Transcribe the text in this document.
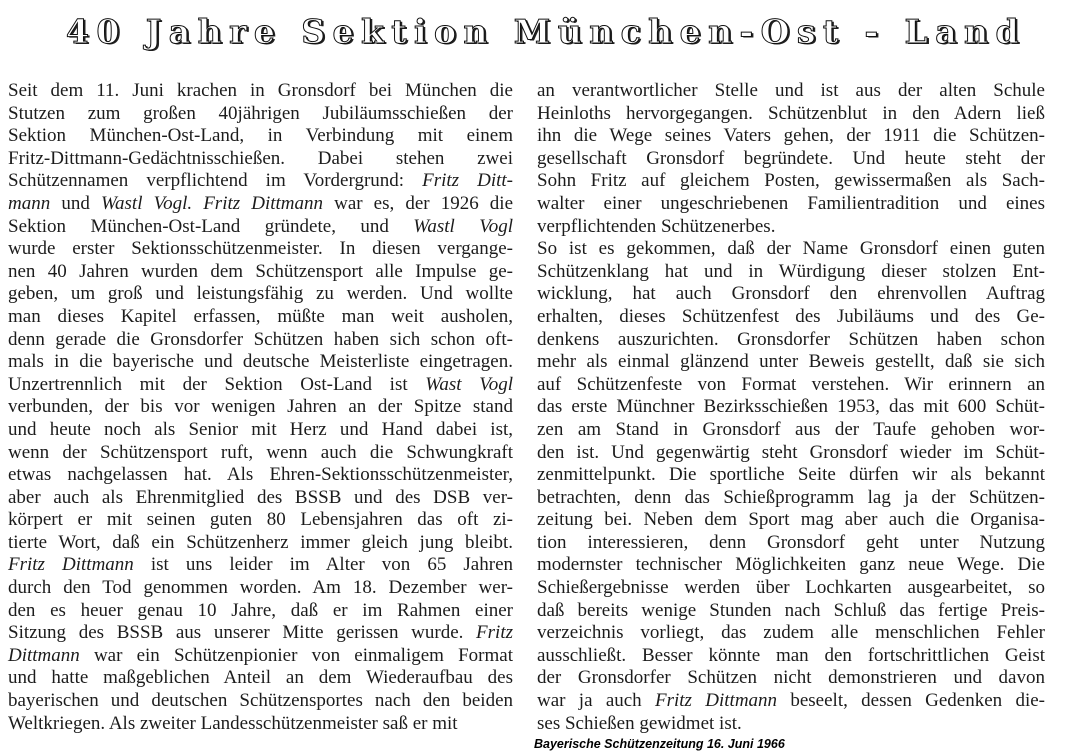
40 Jahre Sektion München-Ost - Land
Seit dem 11. Juni krachen in Gronsdorf bei München die
Stutzen zum großen 40jährigen Jubiläumsschießen der
Sektion München-Ost-Land, in Verbindung mit einem
Fritz-Dittmann-Gedächtnisschießen. Dabei stehen zwei
Schützennamen verpflichtend im Vordergrund: Fritz Ditt-
mann und Wastl Vogl. Fritz Dittmann war es, der 1926 die
Sektion München-Ost-Land gründete, und Wastl Vogl
wurde erster Sektionsschützenmeister. In diesen vergange-
nen 40 Jahren wurden dem Schützensport alle Impulse ge-
geben, um groß und leistungsfähig zu werden. Und wollte
man dieses Kapitel erfassen, müßte man weit ausholen,
denn gerade die Gronsdorfer Schützen haben sich schon oft-
mals in die bayerische und deutsche Meisterliste eingetragen.
Unzertrennlich mit der Sektion Ost-Land ist Wast Vogl
verbunden, der bis vor wenigen Jahren an der Spitze stand
und heute noch als Senior mit Herz und Hand dabei ist,
wenn der Schützensport ruft, wenn auch die Schwungkraft
etwas nachgelassen hat. Als Ehren-Sektionsschützenmeister,
aber auch als Ehrenmitglied des BSSB und des DSB ver-
körpert er mit seinen guten 80 Lebensjahren das oft zi-
tierte Wort, daß ein Schützenherz immer gleich jung bleibt.
Fritz Dittmann ist uns leider im Alter von 65 Jahren
durch den Tod genommen worden. Am 18. Dezember wer-
den es heuer genau 10 Jahre, daß er im Rahmen einer
Sitzung des BSSB aus unserer Mitte gerissen wurde. Fritz
Dittmann war ein Schützenpionier von einmaligem Format
und hatte maßgeblichen Anteil an dem Wiederaufbau des
bayerischen und deutschen Schützensportes nach den beiden
Weltkriegen. Als zweiter Landesschützenmeister saß er mit
an verantwortlicher Stelle und ist aus der alten Schule
Heinloths hervorgegangen. Schützenblut in den Adern ließ
ihn die Wege seines Vaters gehen, der 1911 die Schützen-
gesellschaft Gronsdorf begründete. Und heute steht der
Sohn Fritz auf gleichem Posten, gewissermaßen als Sach-
walter einer ungeschriebenen Familientradition und eines
verpflichtenden Schützenerbes.
So ist es gekommen, daß der Name Gronsdorf einen guten
Schützenklang hat und in Würdigung dieser stolzen Ent-
wicklung, hat auch Gronsdorf den ehrenvollen Auftrag
erhalten, dieses Schützenfest des Jubiläums und des Ge-
denkens auszurichten. Gronsdorfer Schützen haben schon
mehr als einmal glänzend unter Beweis gestellt, daß sie sich
auf Schützenfeste von Format verstehen. Wir erinnern an
das erste Münchner Bezirksschießen 1953, das mit 600 Schüt-
zen am Stand in Gronsdorf aus der Taufe gehoben wor-
den ist. Und gegenwärtig steht Gronsdorf wieder im Schüt-
zenmittelpunkt. Die sportliche Seite dürfen wir als bekannt
betrachten, denn das Schießprogramm lag ja der Schützen-
zeitung bei. Neben dem Sport mag aber auch die Organisa-
tion interessieren, denn Gronsdorf geht unter Nutzung
modernster technischer Möglichkeiten ganz neue Wege. Die
Schießergebnisse werden über Lochkarten ausgearbeitet, so
daß bereits wenige Stunden nach Schluß das fertige Preis-
verzeichnis vorliegt, das zudem alle menschlichen Fehler
ausschließt. Besser könnte man den fortschrittlichen Geist
der Gronsdorfer Schützen nicht demonstrieren und davon
war ja auch Fritz Dittmann beseelt, dessen Gedenken die-
ses Schießen gewidmet ist.
Bayerische Schützenzeitung 16. Juni 1966
